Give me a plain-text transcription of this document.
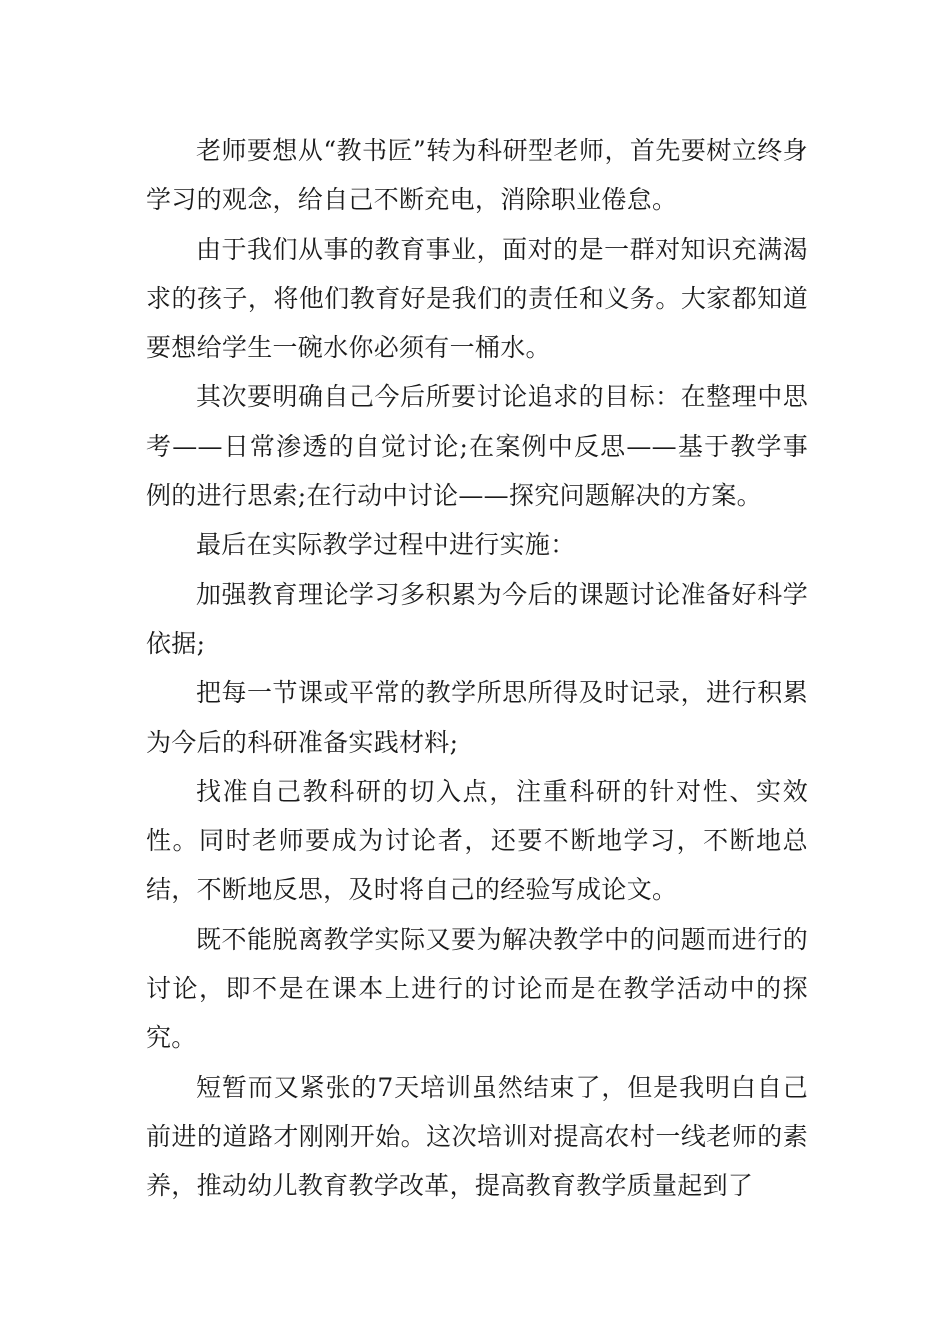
老师要想从“教书匠”转为科研型老师，首先要树立终身学习的观念，给自己不断充电，消除职业倦怠。

由于我们从事的教育事业，面对的是一群对知识充满渴求的孩子，将他们教育好是我们的责任和义务。大家都知道要想给学生一碗水你必须有一桶水。

其次要明确自己今后所要讨论追求的目标：在整理中思考——日常渗透的自觉讨论;在案例中反思——基于教学事例的进行思索;在行动中讨论——探究问题解决的方案。

最后在实际教学过程中进行实施：

加强教育理论学习多积累为今后的课题讨论准备好科学依据;

把每一节课或平常的教学所思所得及时记录，进行积累为今后的科研准备实践材料;

找准自己教科研的切入点，注重科研的针对性、实效性。同时老师要成为讨论者，还要不断地学习，不断地总结，不断地反思，及时将自己的经验写成论文。

既不能脱离教学实际又要为解决教学中的问题而进行的讨论，即不是在课本上进行的讨论而是在教学活动中的探究。

短暂而又紧张的7天培训虽然结束了，但是我明白自己前进的道路才刚刚开始。这次培训对提高农村一线老师的素养，推动幼儿教育教学改革，提高教育教学质量起到了
